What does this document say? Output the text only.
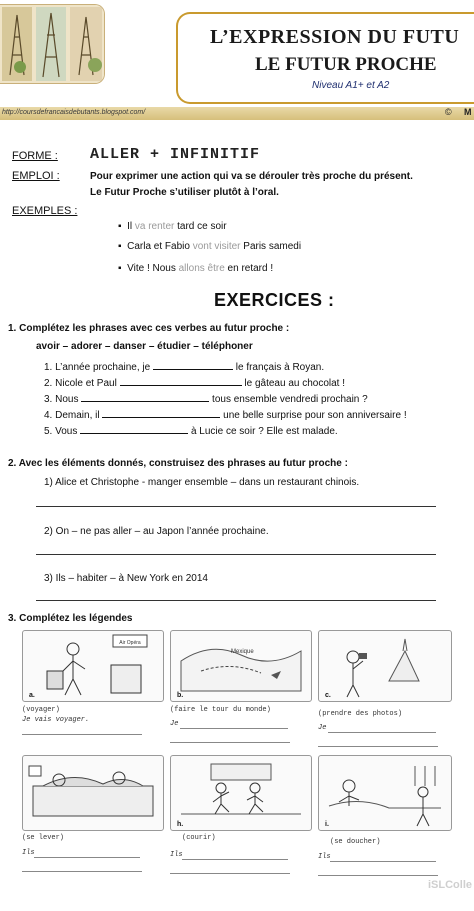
L’EXPRESSION DU FUTU
LE FUTUR PROCHE
Niveau A1+ et A2
http://coursdefrancaisdebutants.blogspot.com/	© M
FORME : ALLER + INFINITIF
EMPLOI :	Pour exprimer une action qui va se dérouler très proche du présent.
Le Futur Proche s’utiliser plutôt à l’oral.
EXEMPLES :
▪  Il va renter tard ce soir
▪  Carla et Fabio vont visiter Paris samedi
▪  Vite ! Nous allons être en retard !
EXERCICES :
1. Complétez les phrases avec ces verbes au futur proche :
avoir – adorer – danser – étudier – téléphoner
1. L’année prochaine, je	le français à Royan.
2. Nicole et Paul	le gâteau au chocolat !
3. Nous	tous ensemble vendredi prochain ?
4. Demain, il	une belle surprise pour son anniversaire !
5. Vous	à Lucie ce soir ? Elle est malade.
2. Avec les éléments donnés, construisez des phrases au futur proche :
1) Alice et Christophe - manger ensemble – dans un restaurant chinois.
2) On – ne pas aller – au Japon l’année prochaine.
3) Ils – habiter – à New York en 2014
3. Complétez les légendes
Air Opéra
a.
Mexique
b.	c.
(voyager)
Je vais voyager.
(faire le tour du monde)
Je
(prendre des photos)
Je
h.	i.
(se lever)
Ils
(courir)
Ils
(se doucher)
Ils
iSLColle
